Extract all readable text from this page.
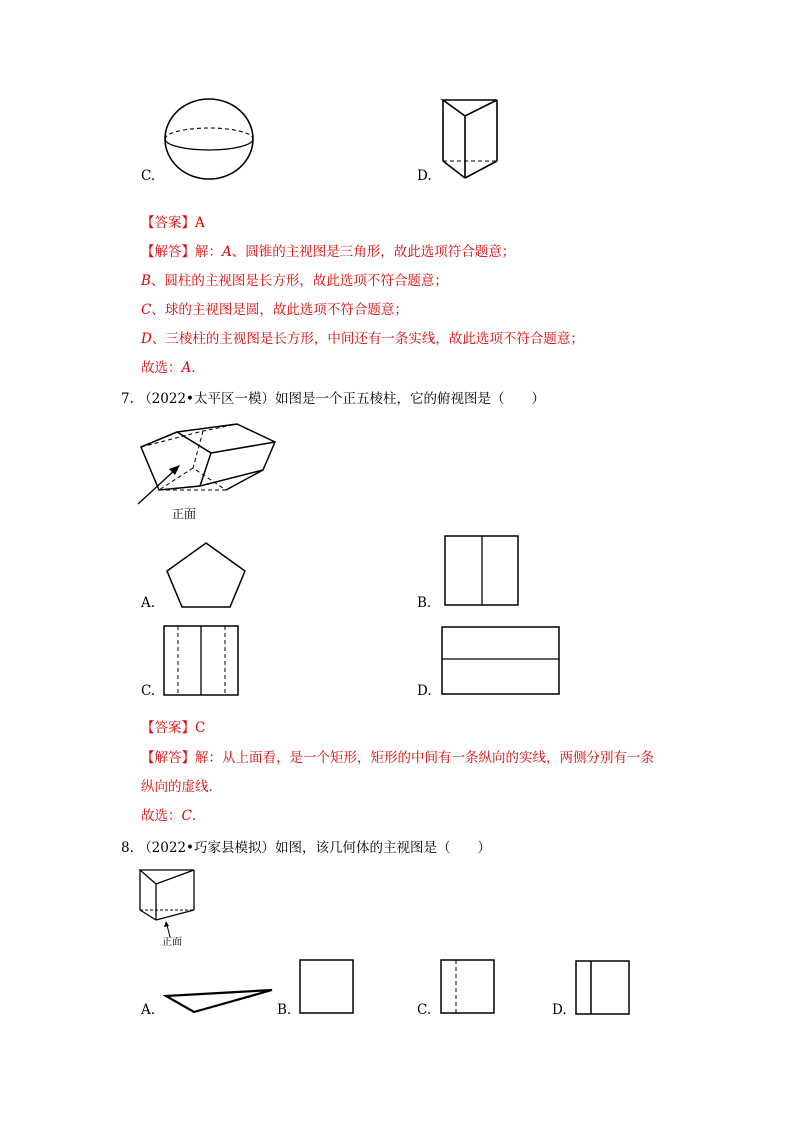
C.	D.
【答案】A
【解答】解：A、圆锥的主视图是三角形，故此选项符合题意；
B、圆柱的主视图是长方形，故此选项不符合题意；
C、球的主视图是圆，故此选项不符合题意；
D、三棱柱的主视图是长方形，中间还有一条实线，故此选项不符合题意；
故选：A.
7. （2022•太平区一模）如图是一个正五棱柱，它的俯视图是（　　）
正面
A.	B.
C.	D.
【答案】C
【解答】解：从上面看，是一个矩形，矩形的中间有一条纵向的实线，两侧分别有一条
纵向的虚线.
故选：C.
8. （2022•巧家县模拟）如图，该几何体的主视图是（　　）
正面
A.	B.	C.	D.
